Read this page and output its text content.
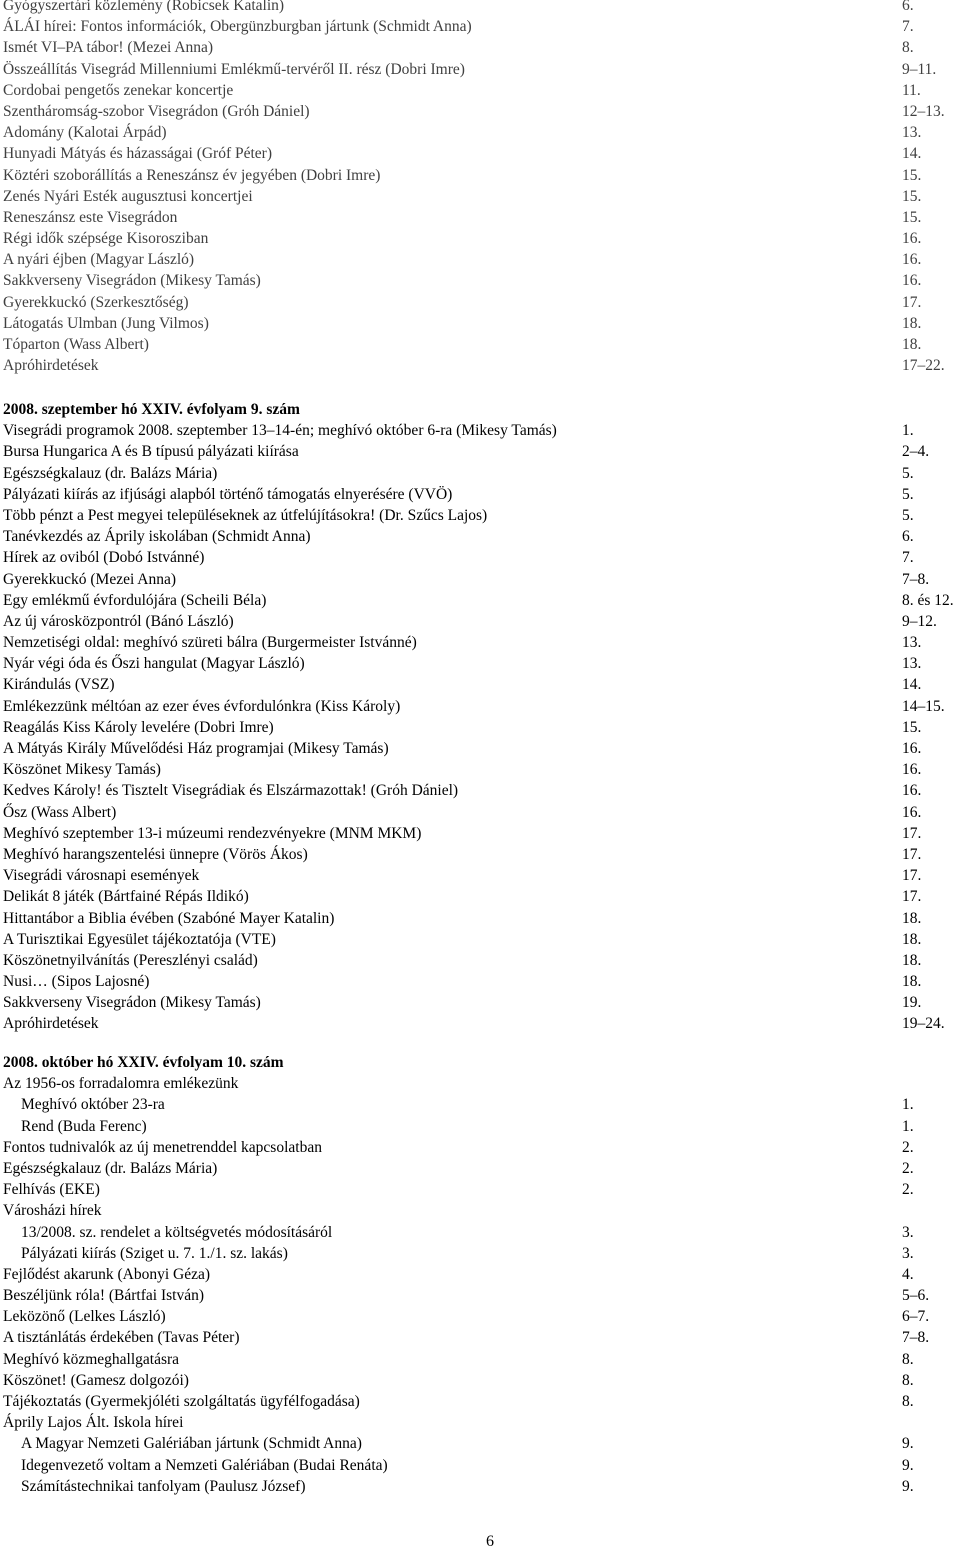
Gyógyszertári közlemény (Robicsek Katalin)	6.
ÁLÁI hírei: Fontos információk, Obergünzburgban jártunk (Schmidt Anna)	7.
Ismét VI–PA tábor! (Mezei Anna)	8.
Összeállítás Visegrád Millenniumi Emlékmű-tervéről II. rész (Dobri Imre)	9–11.
Cordobai pengetős zenekar koncertje	11.
Szentháromság-szobor Visegrádon (Gróh Dániel)	12–13.
Adomány (Kalotai Árpád)	13.
Hunyadi Mátyás és házasságai (Gróf Péter)	14.
Köztéri szoborállítás a Reneszánsz év jegyében (Dobri Imre)	15.
Zenés Nyári Esték augusztusi koncertjei	15.
Reneszánsz este Visegrádon	15.
Régi idők szépsége Kisorosziban	16.
A nyári éjben (Magyar László)	16.
Sakkverseny Visegrádon (Mikesy Tamás)	16.
Gyerekkuckó (Szerkesztőség)	17.
Látogatás Ulmban (Jung Vilmos)	18.
Tóparton (Wass Albert)	18.
Apróhirdetések	17–22.
2008. szeptember hó XXIV. évfolyam 9. szám
Visegrádi programok 2008. szeptember 13–14-én; meghívó október 6-ra (Mikesy Tamás)	1.
Bursa Hungarica A és B típusú pályázati kiírása	2–4.
Egészségkalauz (dr. Balázs Mária)	5.
Pályázati kiírás az ifjúsági alapból történő támogatás elnyerésére (VVÖ)	5.
Több pénzt a Pest megyei településeknek az útfelújításokra! (Dr. Szűcs Lajos)	5.
Tanévkezdés az Áprily iskolában (Schmidt Anna)	6.
Hírek az oviból (Dobó Istvánné)	7.
Gyerekkuckó (Mezei Anna)	7–8.
Egy emlékmű évfordulójára (Scheili Béla)	8. és 12.
Az új városközpontról (Bánó László)	9–12.
Nemzetiségi oldal: meghívó szüreti bálra (Burgermeister Istvánné)	13.
Nyár végi óda és Őszi hangulat (Magyar László)	13.
Kirándulás (VSZ)	14.
Emlékezzünk méltóan az ezer éves évfordulónkra (Kiss Károly)	14–15.
Reagálás Kiss Károly levelére (Dobri Imre)	15.
A Mátyás Király Művelődési Ház programjai (Mikesy Tamás)	16.
Köszönet Mikesy Tamás)	16.
Kedves Károly! és Tisztelt Visegrádiak és Elszármazottak! (Gróh Dániel)	16.
Ősz (Wass Albert)	16.
Meghívó szeptember 13-i múzeumi rendezvényekre (MNM MKM)	17.
Meghívó harangszentelési ünnepre (Vörös Ákos)	17.
Visegrádi városnapi események	17.
Delikát 8 játék (Bártfainé Répás Ildikó)	17.
Hittantábor a Biblia évében (Szabóné Mayer Katalin)	18.
A Turisztikai Egyesület tájékoztatója (VTE)	18.
Köszönetnyilvánítás (Pereszlényi család)	18.
Nusi… (Sipos Lajosné)	18.
Sakkverseny Visegrádon (Mikesy Tamás)	19.
Apróhirdetések	19–24.
2008. október hó XXIV. évfolyam 10. szám
Az 1956-os forradalomra emlékezünk
Meghívó október 23-ra	1.
Rend (Buda Ferenc)	1.
Fontos tudnivalók az új menetrenddel kapcsolatban	2.
Egészségkalauz (dr. Balázs Mária)	2.
Felhívás (EKE)	2.
Városházi hírek
13/2008. sz. rendelet a költségvetés módosításáról	3.
Pályázati kiírás (Sziget u. 7. 1./1. sz. lakás)	3.
Fejlődést akarunk (Abonyi Géza)	4.
Beszéljünk róla! (Bártfai István)	5–6.
Leközönő (Lelkes László)	6–7.
A tisztánlátás érdekében (Tavas Péter)	7–8.
Meghívó közmeghallgatásra	8.
Köszönet! (Gamesz dolgozói)	8.
Tájékoztatás (Gyermekjóléti szolgáltatás ügyfélfogadása)	8.
Áprily Lajos Ált. Iskola hírei
A Magyar Nemzeti Galériában jártunk (Schmidt Anna)	9.
Idegenvezető voltam a Nemzeti Galériában (Budai Renáta)	9.
Számítástechnikai tanfolyam (Paulusz József)	9.
6
